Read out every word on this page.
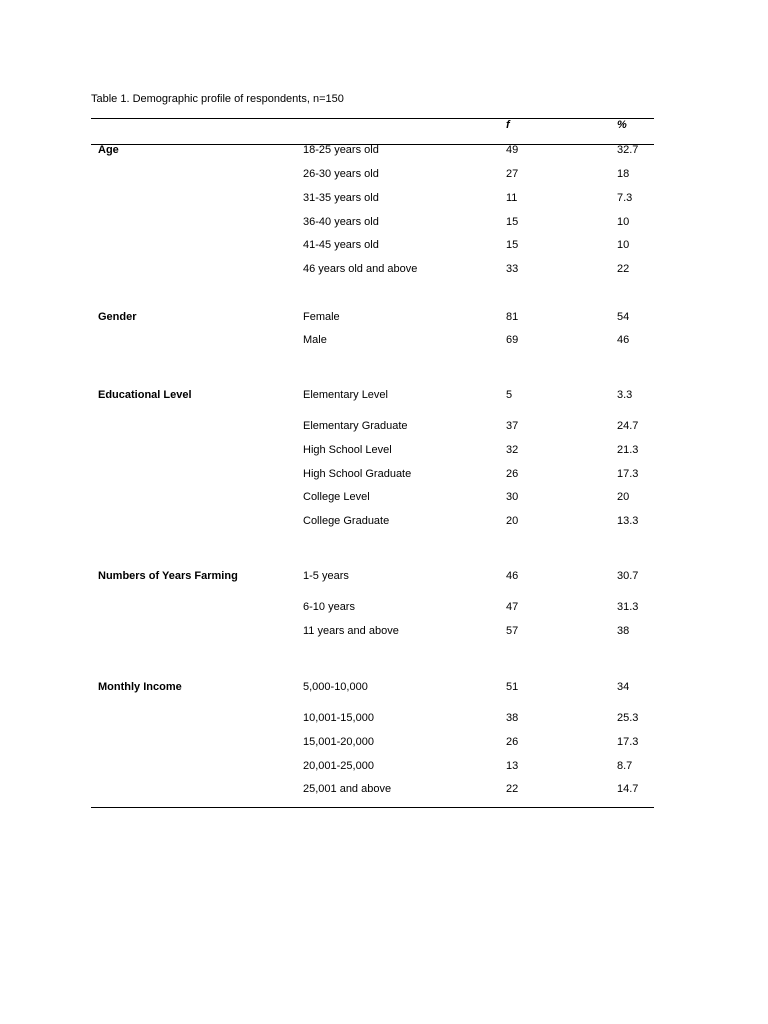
Table 1. Demographic profile of respondents, n=150
f	%
Age	18-25 years old	49	32.7
26-30 years old	27	18
31-35 years old	11	7.3
36-40 years old	15	10
41-45 years old	15	10
46 years old and above	33	22
Gender	Female	81	54
Male	69	46
Educational Level	Elementary Level	5	3.3
Elementary Graduate	37	24.7
High School Level	32	21.3
High School Graduate	26	17.3
College Level	30	20
College Graduate	20	13.3
Numbers of Years Farming	1-5 years	46	30.7
6-10 years	47	31.3
11 years and above	57	38
Monthly Income	5,000-10,000	51	34
10,001-15,000	38	25.3
15,001-20,000	26	17.3
20,001-25,000	13	8.7
25,001 and above	22	14.7
